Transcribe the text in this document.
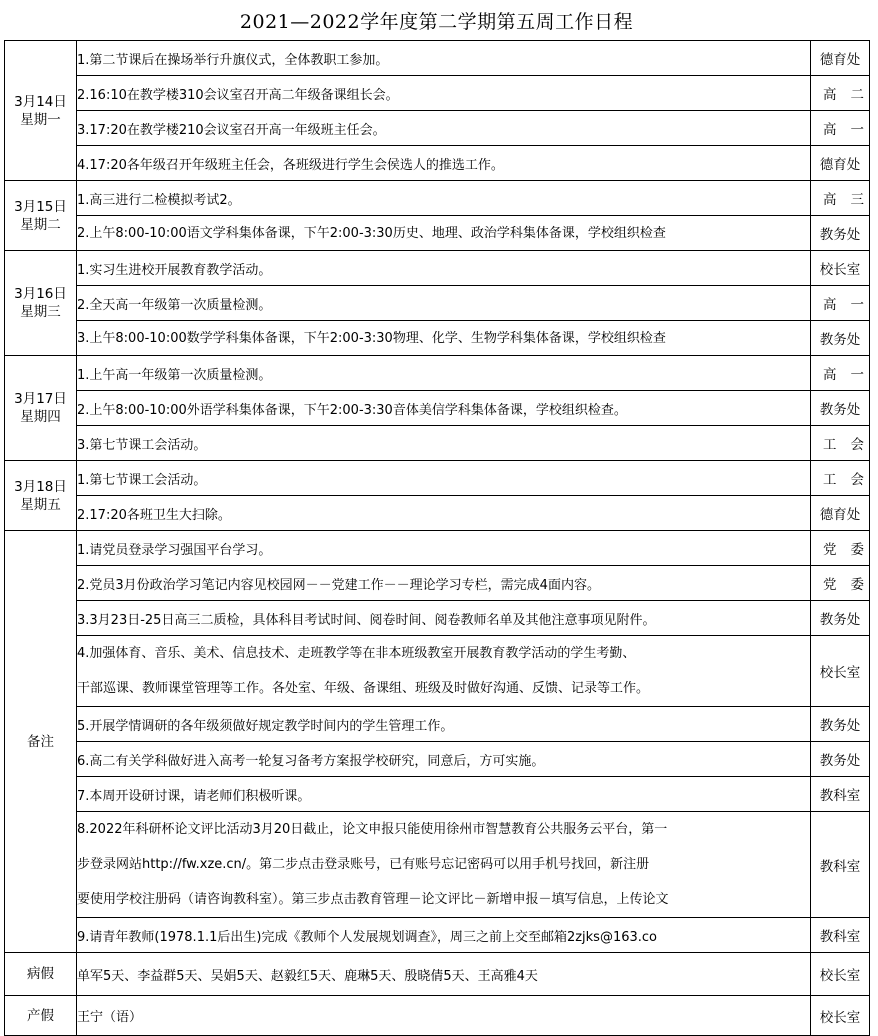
2021—2022学年度第二学期第五周工作日程
3月14日
星期一	1.第二节课后在操场举行升旗仪式，全体教职工参加。	德育处
	2.16:10在教学楼310会议室召开高二年级备课组长会。	高二
	3.17:20在教学楼210会议室召开高一年级班主任会。	高一
	4.17:20各年级召开年级班主任会，各班级进行学生会侯选人的推选工作。	德育处

3月15日
星期二	1.高三进行二检模拟考试2。	高三
	2.上午8:00-10:00语文学科集体备课，下午2:00-3:30历史、地理、政治学科集体备课，学校组织检查	教务处

3月16日
星期三	1.实习生进校开展教育教学活动。	校长室
	2.全天高一年级第一次质量检测。	高一
	3.上午8:00-10:00数学学科集体备课，下午2:00-3:30物理、化学、生物学科集体备课，学校组织检查	教务处

3月17日
星期四	1.上午高一年级第一次质量检测。	高一
	2.上午8:00-10:00外语学科集体备课，下午2:00-3:30音体美信学科集体备课，学校组织检查。	教务处
	3.第七节课工会活动。	工会

3月18日
星期五	1.第七节课工会活动。	工会
	2.17:20各班卫生大扫除。	德育处
备注	1.请党员登录学习强国平台学习。	党委
	2.党员3月份政治学习笔记内容见校园网－－党建工作－－理论学习专栏，需完成4面内容。	党委
	3.3月23日-25日高三二质检，具体科目考试时间、阅卷时间、阅卷教师名单及其他注意事项见附件。	教务处

	4.加强体育、音乐、美术、信息技术、走班教学等在非本班级教室开展教育教学活动的学生考勤、
干部巡课、教师课堂管理等工作。各处室、年级、备课组、班级及时做好沟通、反馈、记录等工作。	校长室
	5.开展学情调研的各年级须做好规定教学时间内的学生管理工作。	教务处
	6.高二有关学科做好进入高考一轮复习备考方案报学校研究，同意后，方可实施。	教务处
	7.本周开设研讨课，请老师们积极听课。	教科室

	8.2022年科研杯论文评比活动3月20日截止，论文申报只能使用徐州市智慧教育公共服务云平台，第一
步登录网站http://fw.xze.cn/。第二步点击登录账号，已有账号忘记密码可以用手机号找回，新注册
要使用学校注册码（请咨询教科室）。第三步点击教育管理－论文评比－新增申报－填写信息，上传论文	教科室
	9.请青年教师(1978.1.1后出生)完成《教师个人发展规划调查》，周三之前上交至邮箱2zjks@163.co	教科室
病假	单军5天、李益群5天、吴娟5天、赵毅红5天、鹿琳5天、殷晓倩5天、王高雅4天	校长室
产假	王宁（语）	校长室
